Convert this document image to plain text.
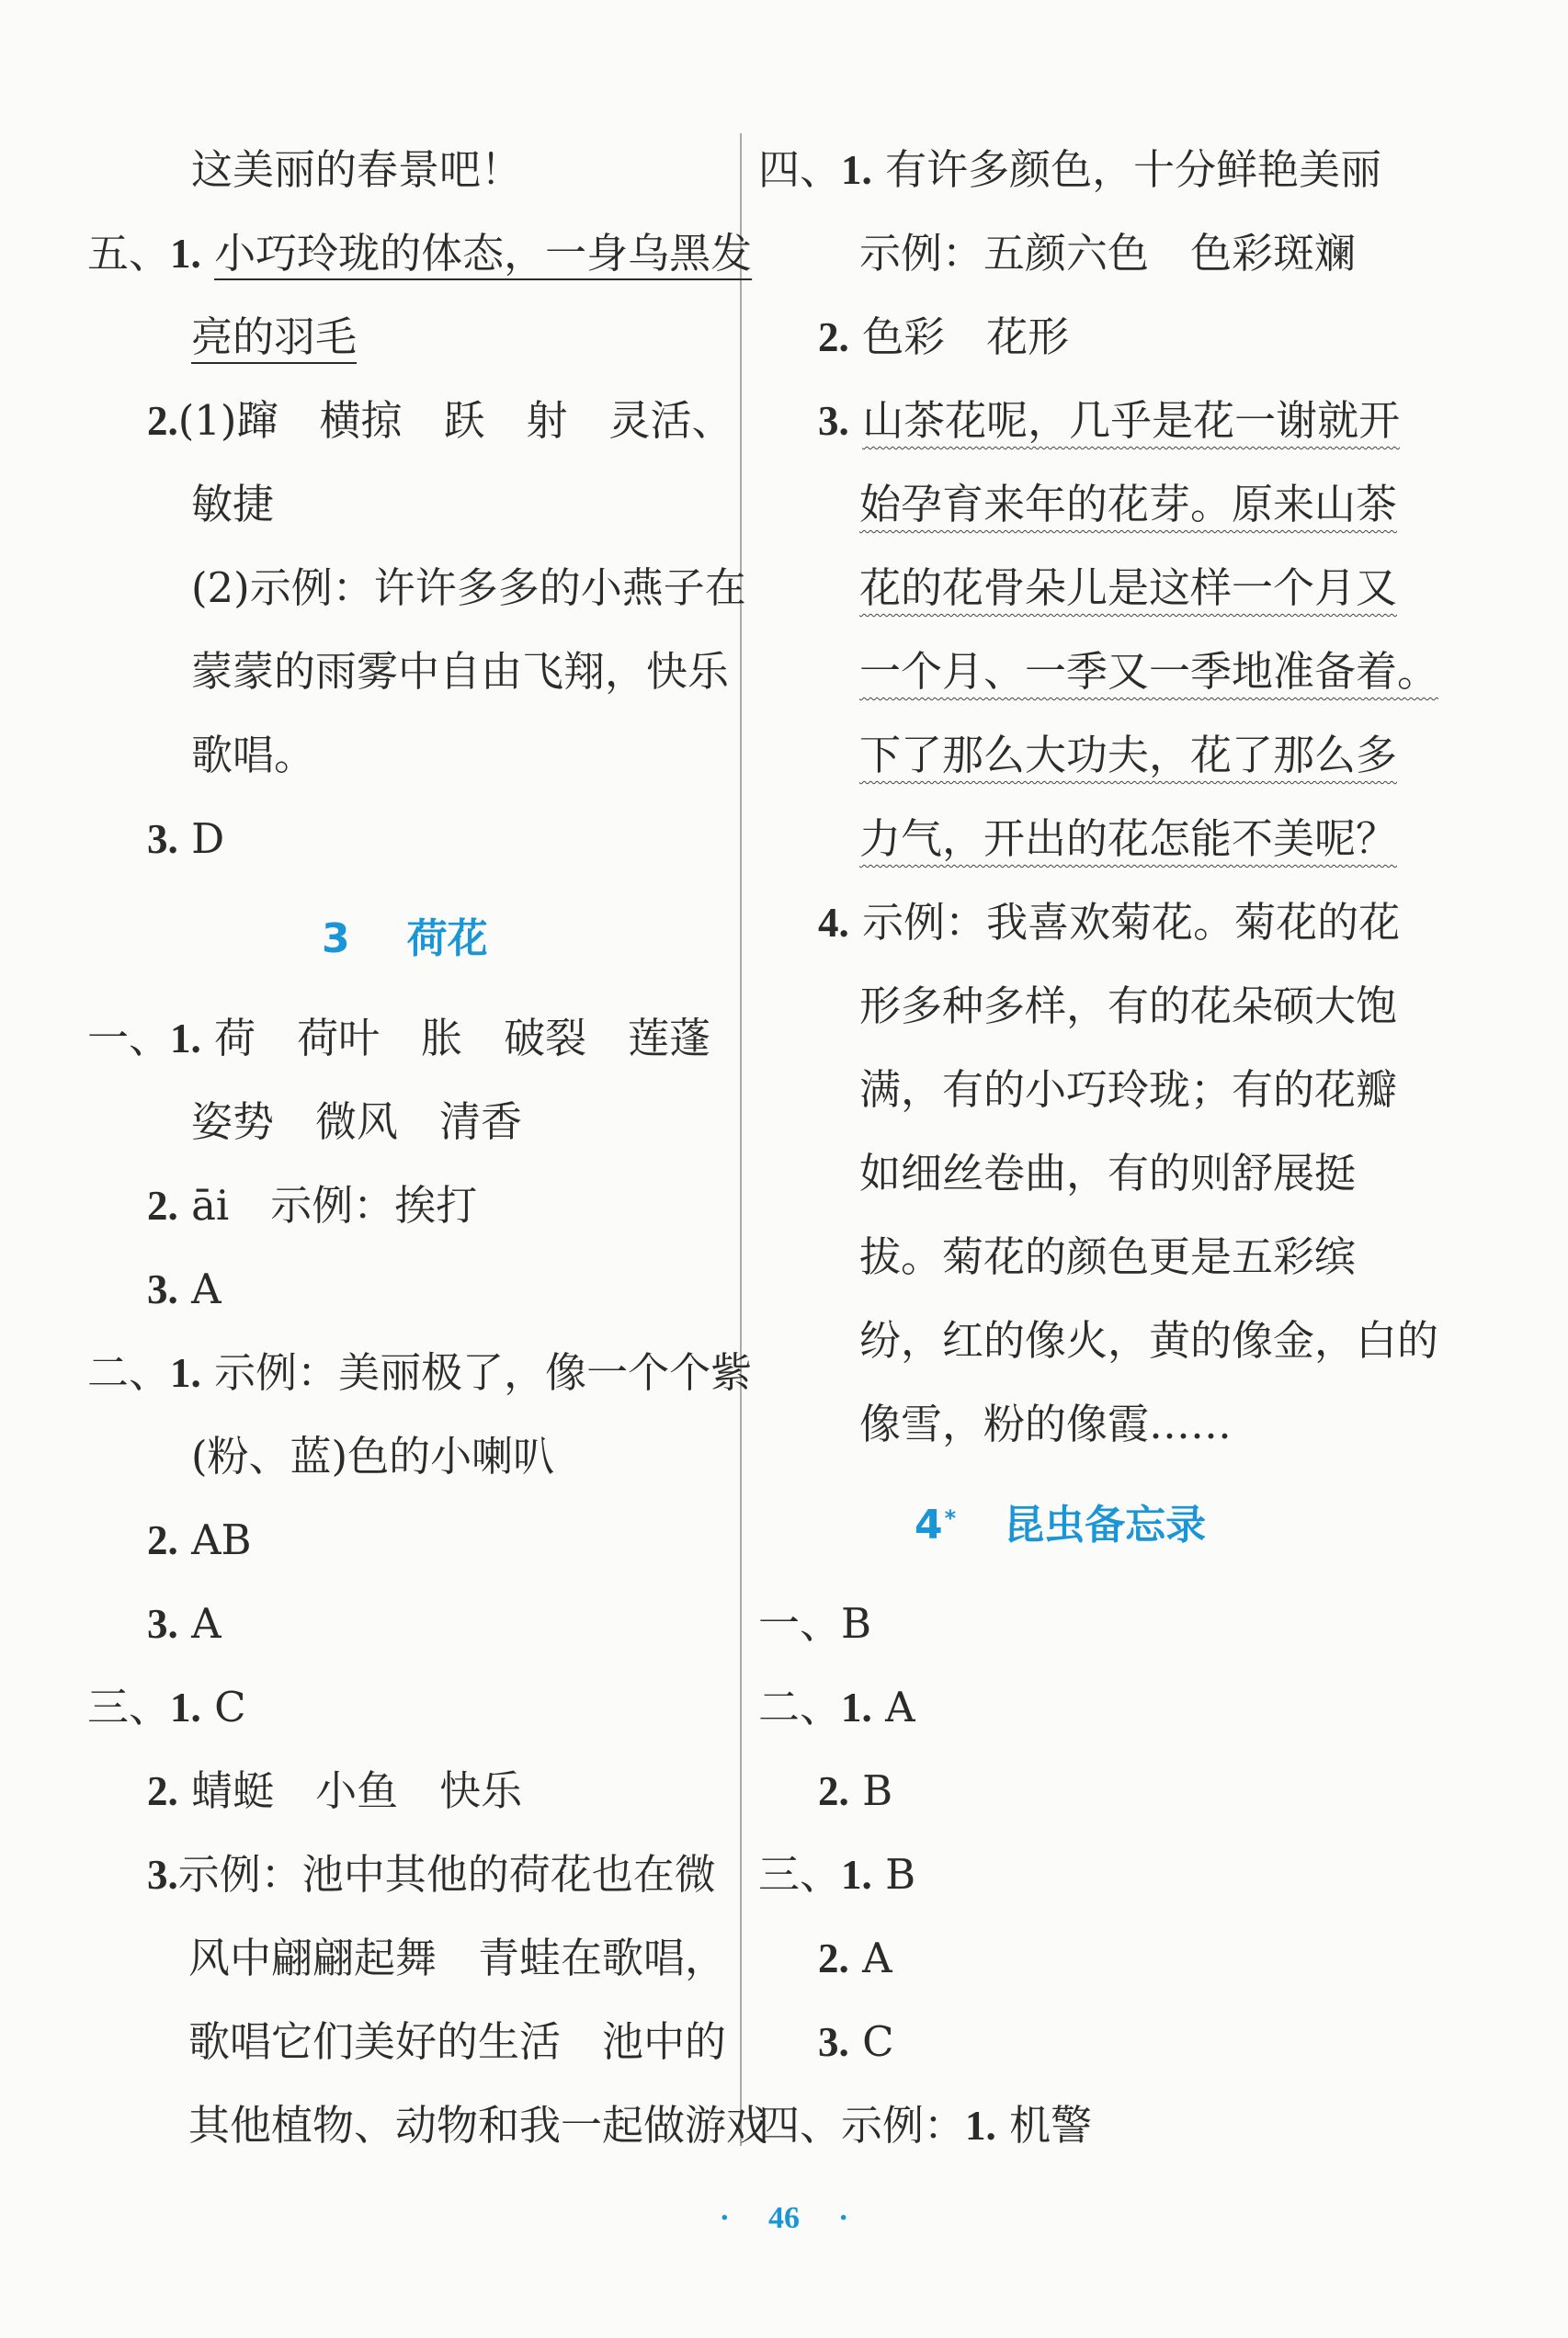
这美丽的春景吧！
五、1. 小巧玲珑的体态，一身乌黑发
亮的羽毛
2.(1)蹿　横掠　跃　射　灵活、
敏捷
(2)示例：许许多多的小燕子在
蒙蒙的雨雾中自由飞翔，快乐
歌唱。
3. D
3 荷花
一、1. 荷　荷叶　胀　破裂　莲蓬
姿势　微风　清香
2. āi　示例：挨打
3. A
二、1. 示例：美丽极了，像一个个紫
(粉、蓝)色的小喇叭
2. AB
3. A
三、1. C
2. 蜻蜓　小鱼　快乐
3.示例：池中其他的荷花也在微
风中翩翩起舞　青蛙在歌唱，
歌唱它们美好的生活　池中的
其他植物、动物和我一起做游戏
四、1. 有许多颜色，十分鲜艳美丽
示例：五颜六色　色彩斑斓
2. 色彩　花形
3. 山茶花呢，几乎是花一谢就开
始孕育来年的花芽。原来山茶
花的花骨朵儿是这样一个月又
一个月、一季又一季地准备着。
下了那么大功夫，花了那么多
力气，开出的花怎能不美呢？
4. 示例：我喜欢菊花。菊花的花
形多种多样，有的花朵硕大饱
满，有的小巧玲珑；有的花瓣
如细丝卷曲，有的则舒展挺
拔。菊花的颜色更是五彩缤
纷，红的像火，黄的像金，白的
像雪，粉的像霞……
4* 昆虫备忘录
一、B
二、1. A
2. B
三、1. B
2. A
3. C
四、示例：1. 机警
· 46 ·
